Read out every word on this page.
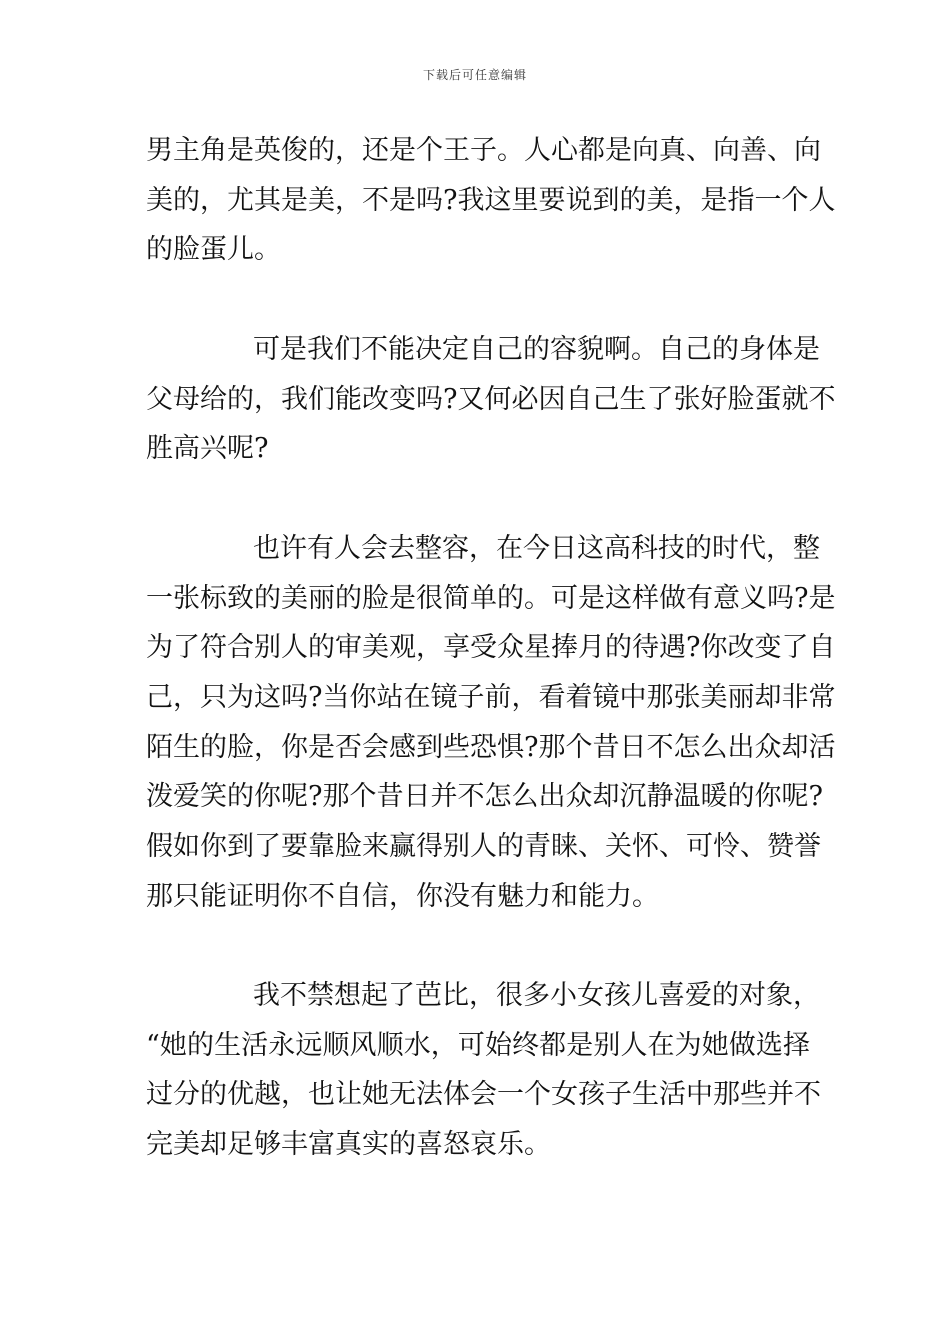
下载后可任意编辑
男主角是英俊的，还是个王子。人心都是向真、向善、向
美的，尤其是美，不是吗?我这里要说到的美，是指一个人
的脸蛋儿。
可是我们不能决定自己的容貌啊。自己的身体是
父母给的，我们能改变吗?又何必因自己生了张好脸蛋就不
胜高兴呢?
也许有人会去整容，在今日这高科技的时代，整
一张标致的美丽的脸是很简单的。可是这样做有意义吗?是
为了符合别人的审美观，享受众星捧月的待遇?你改变了自
己，只为这吗?当你站在镜子前，看着镜中那张美丽却非常
陌生的脸，你是否会感到些恐惧?那个昔日不怎么出众却活
泼爱笑的你呢?那个昔日并不怎么出众却沉静温暖的你呢?
假如你到了要靠脸来赢得别人的青睐、关怀、可怜、赞誉
那只能证明你不自信，你没有魅力和能力。
我不禁想起了芭比，很多小女孩儿喜爱的对象，
“她的生活永远顺风顺水，可始终都是别人在为她做选择
过分的优越，也让她无法体会一个女孩子生活中那些并不
完美却足够丰富真实的喜怒哀乐。
